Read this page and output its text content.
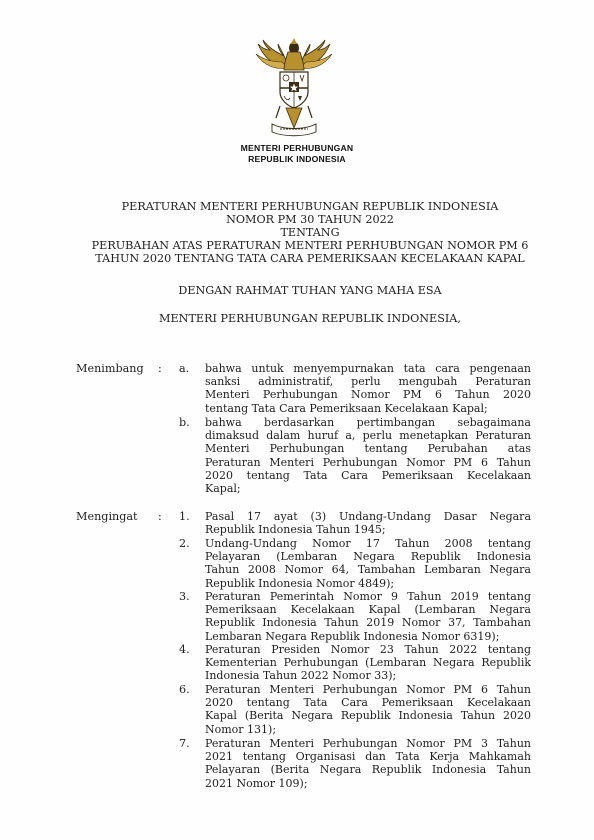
MENTERI PERHUBUNGAN
REPUBLIK INDONESIA
PERATURAN MENTERI PERHUBUNGAN REPUBLIK INDONESIA
NOMOR PM 30 TAHUN 2022
TENTANG
PERUBAHAN ATAS PERATURAN MENTERI PERHUBUNGAN NOMOR PM 6
TAHUN 2020 TENTANG TATA CARA PEMERIKSAAN KECELAKAAN KAPAL
DENGAN RAHMAT TUHAN YANG MAHA ESA
MENTERI PERHUBUNGAN REPUBLIK INDONESIA,
Menimbang : a. bahwa untuk menyempurnakan tata cara pengenaan
sanksi administratif, perlu mengubah Peraturan
Menteri Perhubungan Nomor PM 6 Tahun 2020
tentang Tata Cara Pemeriksaan Kecelakaan Kapal;
b. bahwa berdasarkan pertimbangan sebagaimana
dimaksud dalam huruf a, perlu menetapkan Peraturan
Menteri Perhubungan tentang Perubahan atas
Peraturan Menteri Perhubungan Nomor PM 6 Tahun
2020 tentang Tata Cara Pemeriksaan Kecelakaan
Kapal;
Mengingat : 1. Pasal 17 ayat (3) Undang-Undang Dasar Negara
Republik Indonesia Tahun 1945;
2. Undang-Undang Nomor 17 Tahun 2008 tentang
Pelayaran (Lembaran Negara Republik Indonesia
Tahun 2008 Nomor 64, Tambahan Lembaran Negara
Republik Indonesia Nomor 4849);
3. Peraturan Pemerintah Nomor 9 Tahun 2019 tentang
Pemeriksaan Kecelakaan Kapal (Lembaran Negara
Republik Indonesia Tahun 2019 Nomor 37, Tambahan
Lembaran Negara Republik Indonesia Nomor 6319);
4. Peraturan Presiden Nomor 23 Tahun 2022 tentang
Kementerian Perhubungan (Lembaran Negara Republik
Indonesia Tahun 2022 Nomor 33);
6. Peraturan Menteri Perhubungan Nomor PM 6 Tahun
2020 tentang Tata Cara Pemeriksaan Kecelakaan
Kapal (Berita Negara Republik Indonesia Tahun 2020
Nomor 131);
7. Peraturan Menteri Perhubungan Nomor PM 3 Tahun
2021 tentang Organisasi dan Tata Kerja Mahkamah
Pelayaran (Berita Negara Republik Indonesia Tahun
2021 Nomor 109);
